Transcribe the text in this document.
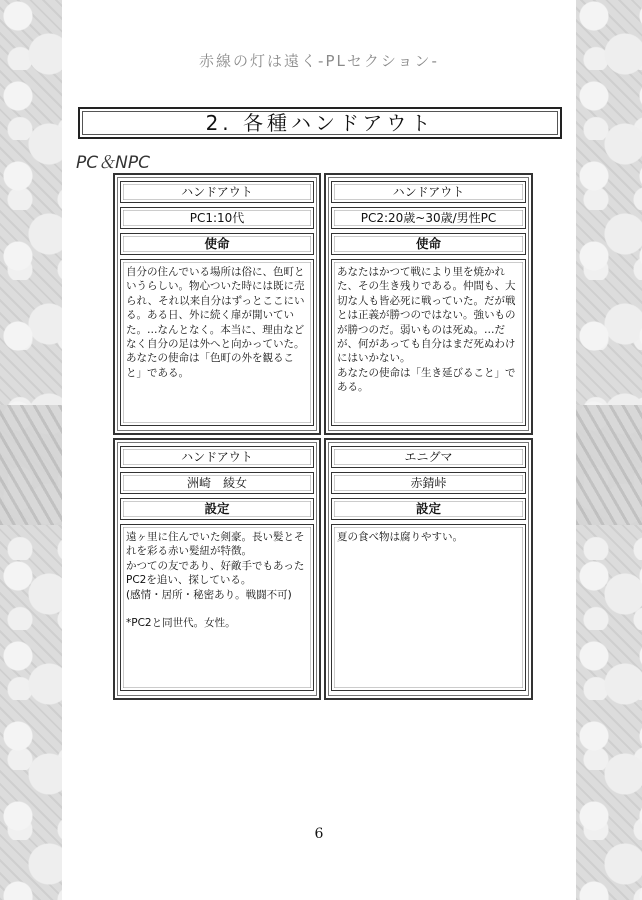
赤線の灯は遠く-PLセクション-
2. 各種ハンドアウト
PC＆NPC
ハンドアウト
PC1:10代
使命
自分の住んでいる場所は俗に、色町というらしい。物心ついた時には既に売られ、それ以来自分はずっとここにいる。ある日、外に続く扉が開いていた。…なんとなく。本当に、理由などなく自分の足は外へと向かっていた。
あなたの使命は「色町の外を観ること」である。
ハンドアウト
PC2:20歳~30歳/男性PC
使命
あなたはかつて戦により里を焼かれた、その生き残りである。仲間も、大切な人も皆必死に戦っていた。だが戦とは正義が勝つのではない。強いものが勝つのだ。弱いものは死ぬ。…だが、何があっても自分はまだ死ぬわけにはいかない。
あなたの使命は「生き延びること」である。
ハンドアウト
洲崎　綾女
設定
遠ヶ里に住んでいた剣豪。長い髪とそれを彩る赤い髪紐が特徴。
かつての友であり、好敵手でもあったPC2を追い、探している。
(感情・居所・秘密あり。戦闘不可)

*PC2と同世代。女性。
エニグマ
赤錆峠
設定
夏の食べ物は腐りやすい。
6
